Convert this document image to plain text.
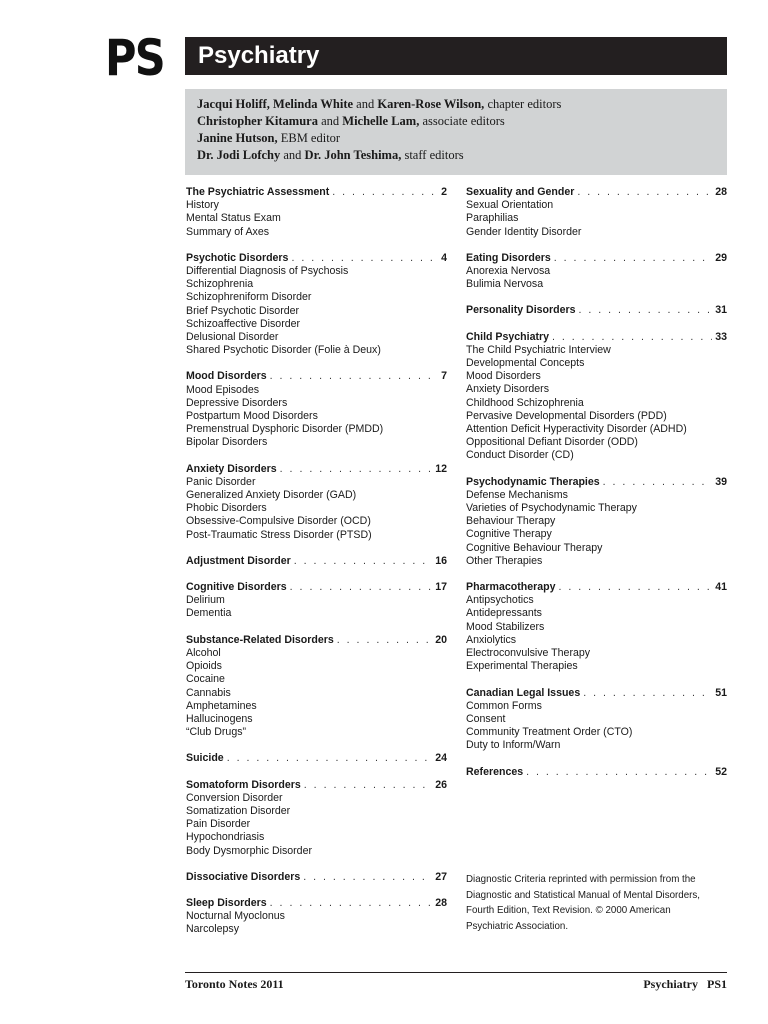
PS Psychiatry
Jacqui Holiff, Melinda White and Karen-Rose Wilson, chapter editors
Christopher Kitamura and Michelle Lam, associate editors
Janine Hutson, EBM editor
Dr. Jodi Lofchy and Dr. John Teshima, staff editors
The Psychiatric Assessment . . .	2
History
Mental Status Exam
Summary of Axes
Psychotic Disorders . . .	4
Differential Diagnosis of Psychosis
Schizophrenia
Schizophreniform Disorder
Brief Psychotic Disorder
Schizoaffective Disorder
Delusional Disorder
Shared Psychotic Disorder (Folie à Deux)
Mood Disorders . . .	7
Mood Episodes
Depressive Disorders
Postpartum Mood Disorders
Premenstrual Dysphoric Disorder (PMDD)
Bipolar Disorders
Anxiety Disorders . . .	12
Panic Disorder
Generalized Anxiety Disorder (GAD)
Phobic Disorders
Obsessive-Compulsive Disorder (OCD)
Post-Traumatic Stress Disorder (PTSD)
Adjustment Disorder . . .	16
Cognitive Disorders . . .	17
Delirium
Dementia
Substance-Related Disorders . . .	20
Alcohol
Opioids
Cocaine
Cannabis
Amphetamines
Hallucinogens
“Club Drugs”
Suicide . . .	24
Somatoform Disorders . . .	26
Conversion Disorder
Somatization Disorder
Pain Disorder
Hypochondriasis
Body Dysmorphic Disorder
Dissociative Disorders . . .	27
Sleep Disorders . . .	28
Nocturnal Myoclonus
Narcolepsy
Sexuality and Gender . . .	28
Sexual Orientation
Paraphilias
Gender Identity Disorder
Eating Disorders . . .	29
Anorexia Nervosa
Bulimia Nervosa
Personality Disorders . . .	31
Child Psychiatry . . .	33
The Child Psychiatric Interview
Developmental Concepts
Mood Disorders
Anxiety Disorders
Childhood Schizophrenia
Pervasive Developmental Disorders (PDD)
Attention Deficit Hyperactivity Disorder (ADHD)
Oppositional Defiant Disorder (ODD)
Conduct Disorder (CD)
Psychodynamic Therapies . . .	39
Defense Mechanisms
Varieties of Psychodynamic Therapy
Behaviour Therapy
Cognitive Therapy
Cognitive Behaviour Therapy
Other Therapies
Pharmacotherapy . . .	41
Antipsychotics
Antidepressants
Mood Stabilizers
Anxiolytics
Electroconvulsive Therapy
Experimental Therapies
Canadian Legal Issues . . .	51
Common Forms
Consent
Community Treatment Order (CTO)
Duty to Inform/Warn
References . . .	52
Diagnostic Criteria reprinted with permission from the Diagnostic and Statistical Manual of Mental Disorders, Fourth Edition, Text Revision. © 2000 American Psychiatric Association.
Toronto Notes 2011	Psychiatry   PS1
